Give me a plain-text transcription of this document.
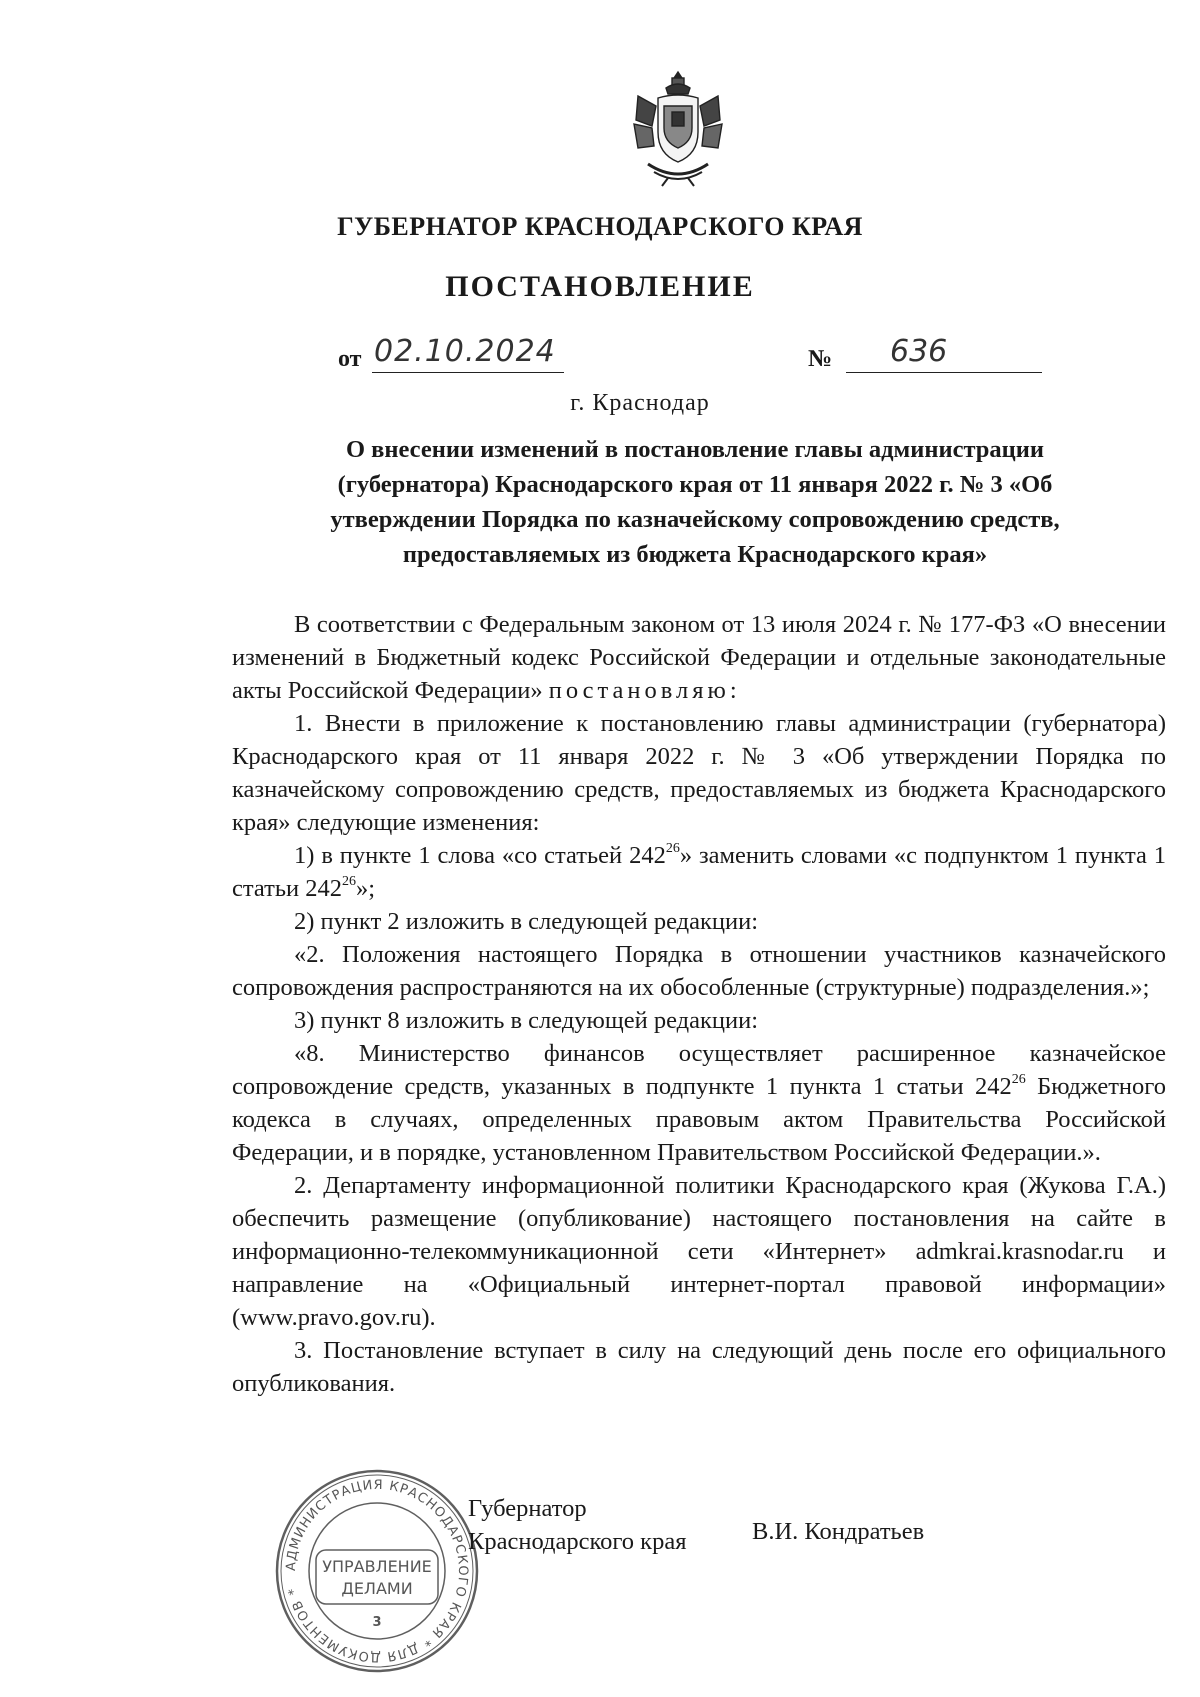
ГУБЕРНАТОР КРАСНОДАРСКОГО КРАЯ
ПОСТАНОВЛЕНИЕ
от 02.10.2024	№ 636
г. Краснодар
О внесении изменений в постановление главы администрации (губернатора) Краснодарского края от 11 января 2022 г. № 3 «Об утверждении Порядка по казначейскому сопровождению средств, предоставляемых из бюджета Краснодарского края»

В соответствии с Федеральным законом от 13 июля 2024 г. № 177-ФЗ «О внесении изменений в Бюджетный кодекс Российской Федерации и отдельные законодательные акты Российской Федерации» постановляю:

1. Внести в приложение к постановлению главы администрации (губернатора) Краснодарского края от 11 января 2022 г. № 3 «Об утверждении Порядка по казначейскому сопровождению средств, предоставляемых из бюджета Краснодарского края» следующие изменения:

1) в пункте 1 слова «со статьей $242^{26}$» заменить словами «с подпунктом 1 пункта 1 статьи $242^{26}$»;

2) пункт 2 изложить в следующей редакции:

«2. Положения настоящего Порядка в отношении участников казначейского сопровождения распространяются на их обособленные (структурные) подразделения.»;

3) пункт 8 изложить в следующей редакции:

«8. Министерство финансов осуществляет расширенное казначейское сопровождение средств, указанных в подпункте 1 пункта 1 статьи $242^{26}$ Бюджетного кодекса в случаях, определенных правовым актом Правительства Российской Федерации, и в порядке, установленном Правительством Российской Федерации.».

2. Департаменту информационной политики Краснодарского края (Жукова Г.А.) обеспечить размещение (опубликование) настоящего постановления на сайте в информационно-телекоммуникационной сети «Интернет» admkrai.krasnodar.ru и направление на «Официальный интернет-портал правовой информации» (www.pravo.gov.ru).

3. Постановление вступает в силу на следующий день после его официального опубликования.

АДМИНИСТРАЦИЯ КРАСНОДАРСКОГО КРАЯ * ДЛЯ ДОКУМЕНТОВ *
УПРАВЛЕНИЕ
ДЕЛАМИ
3
Губернатор
Краснодарского края	В.И. Кондратьев
